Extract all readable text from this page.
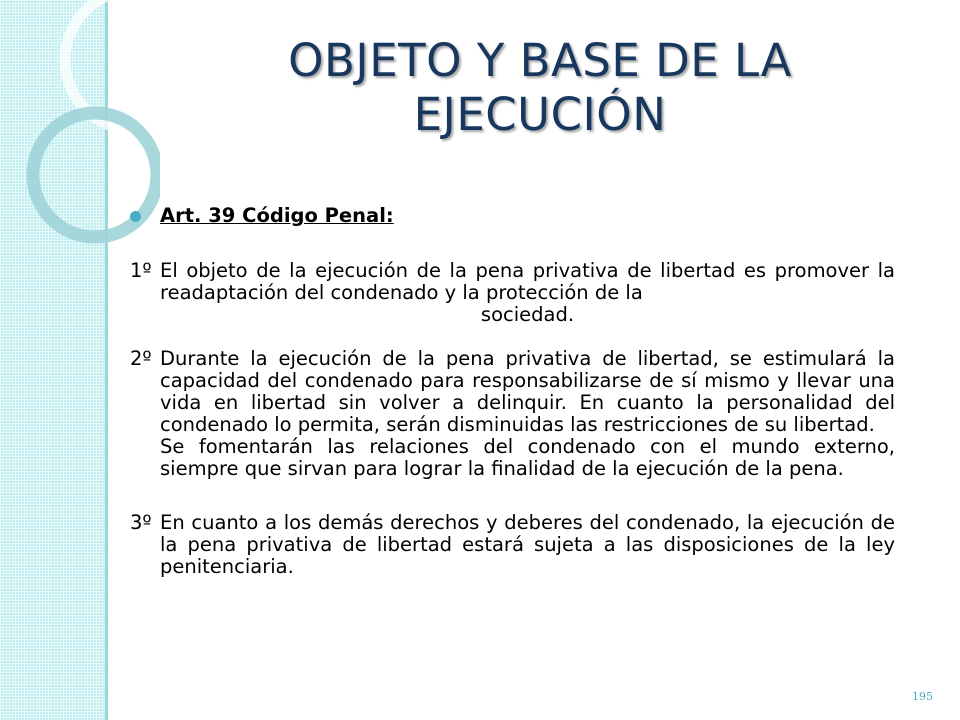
OBJETO Y BASE DE LA
EJECUCIÓN
Art. 39 Código Penal:
1º El objeto de la ejecución de la pena privativa de libertad es promover la readaptación del condenado y la protección de la
sociedad.
2º Durante la ejecución de la pena privativa de libertad, se estimulará la capacidad del condenado para responsabilizarse de sí mismo y llevar una vida en libertad sin volver a delinquir. En cuanto la personalidad del condenado lo permita, serán disminuidas las restricciones de su libertad.
Se fomentarán las relaciones del condenado con el mundo externo, siempre que sirvan para lograr la finalidad de la ejecución de la pena.
3º En cuanto a los demás derechos y deberes del condenado, la ejecución de la pena privativa de libertad estará sujeta a las disposiciones de la ley penitenciaria.
195
